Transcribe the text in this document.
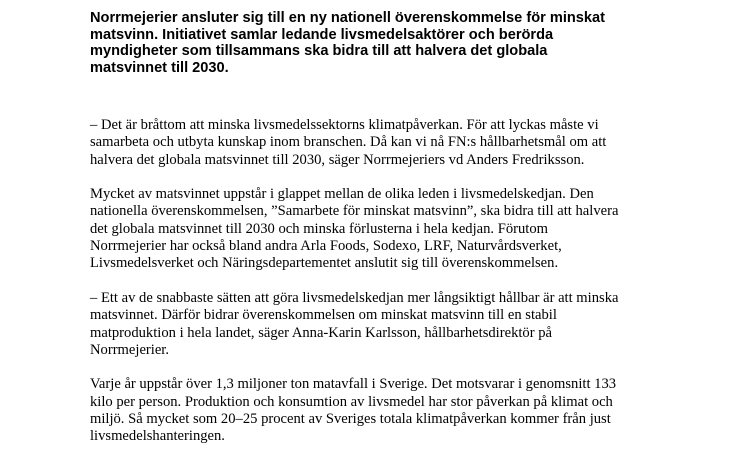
Norrmejerier ansluter sig till en ny nationell överenskommelse för minskat
matsvinn. Initiativet samlar ledande livsmedelsaktörer och berörda
myndigheter som tillsammans ska bidra till att halvera det globala
matsvinnet till 2030.

– Det är bråttom att minska livsmedelssektorns klimatpåverkan. För att lyckas måste vi
samarbeta och utbyta kunskap inom branschen. Då kan vi nå FN:s hållbarhetsmål om att
halvera det globala matsvinnet till 2030, säger Norrmejeriers vd Anders Fredriksson.

Mycket av matsvinnet uppstår i glappet mellan de olika leden i livsmedelskedjan. Den
nationella överenskommelsen, ”Samarbete för minskat matsvinn”, ska bidra till att halvera
det globala matsvinnet till 2030 och minska förlusterna i hela kedjan. Förutom
Norrmejerier har också bland andra Arla Foods, Sodexo, LRF, Naturvårdsverket,
Livsmedelsverket och Näringsdepartementet anslutit sig till överenskommelsen.

– Ett av de snabbaste sätten att göra livsmedelskedjan mer långsiktigt hållbar är att minska
matsvinnet. Därför bidrar överenskommelsen om minskat matsvinn till en stabil
matproduktion i hela landet, säger Anna-Karin Karlsson, hållbarhetsdirektör på
Norrmejerier.

Varje år uppstår över 1,3 miljoner ton matavfall i Sverige. Det motsvarar i genomsnitt 133
kilo per person. Produktion och konsumtion av livsmedel har stor påverkan på klimat och
miljö. Så mycket som 20–25 procent av Sveriges totala klimatpåverkan kommer från just
livsmedelshanteringen.
